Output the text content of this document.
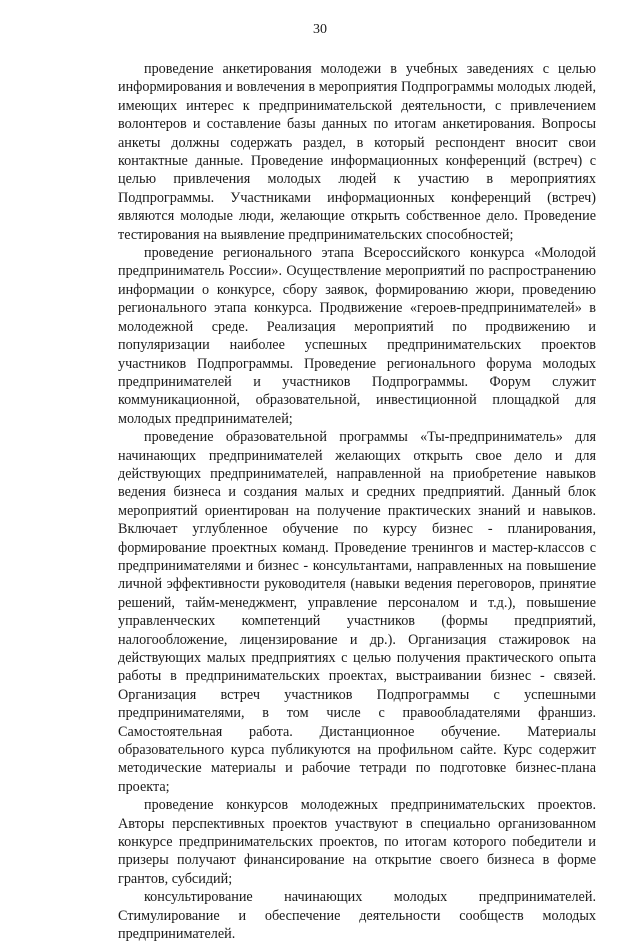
30

проведение анкетирования молодежи в учебных заведениях с целью информирования и вовлечения в мероприятия Подпрограммы молодых людей, имеющих интерес к предпринимательской деятельности, с привлечением волонтеров и составление базы данных по итогам анкетирования. Вопросы анкеты должны содержать раздел, в который респондент вносит свои контактные данные. Проведение информационных конференций (встреч) с целью привлечения молодых людей к участию в мероприятиях Подпрограммы. Участниками информационных конференций (встреч) являются молодые люди, желающие открыть собственное дело. Проведение тестирования на выявление предпринимательских способностей;

проведение регионального этапа Всероссийского конкурса «Молодой предприниматель России». Осуществление мероприятий по распространению информации о конкурсе, сбору заявок, формированию жюри, проведению регионального этапа конкурса. Продвижение «героев-предпринимателей» в молодежной среде. Реализация мероприятий по продвижению и популяризации наиболее успешных предпринимательских проектов участников Подпрограммы. Проведение регионального форума молодых предпринимателей и участников Подпрограммы. Форум служит коммуникационной, образовательной, инвестиционной площадкой для молодых предпринимателей;

проведение образовательной программы «Ты-предприниматель» для начинающих предпринимателей желающих открыть свое дело и для действующих предпринимателей, направленной на приобретение навыков ведения бизнеса и создания малых и средних предприятий. Данный блок мероприятий ориентирован на получение практических знаний и навыков. Включает углубленное обучение по курсу бизнес - планирования, формирование проектных команд. Проведение тренингов и мастер-классов с предпринимателями и бизнес - консультантами, направленных на повышение личной эффективности руководителя (навыки ведения переговоров, принятие решений, тайм-менеджмент, управление персоналом и т.д.), повышение управленческих компетенций участников (формы предприятий, налогообложение, лицензирование и др.). Организация стажировок на действующих малых предприятиях с целью получения практического опыта работы в предпринимательских проектах, выстраивании бизнес - связей. Организация встреч участников Подпрограммы с успешными предпринимателями, в том числе с правообладателями франшиз. Самостоятельная работа. Дистанционное обучение. Материалы образовательного курса публикуются на профильном сайте. Курс содержит методические материалы и рабочие тетради по подготовке бизнес-плана проекта;

проведение конкурсов молодежных предпринимательских проектов. Авторы перспективных проектов участвуют в специально организованном конкурсе предпринимательских проектов, по итогам которого победители и призеры получают финансирование на открытие своего бизнеса в форме грантов, субсидий;

консультирование начинающих молодых предпринимателей. Стимулирование и обеспечение деятельности сообществ молодых предпринимателей.
